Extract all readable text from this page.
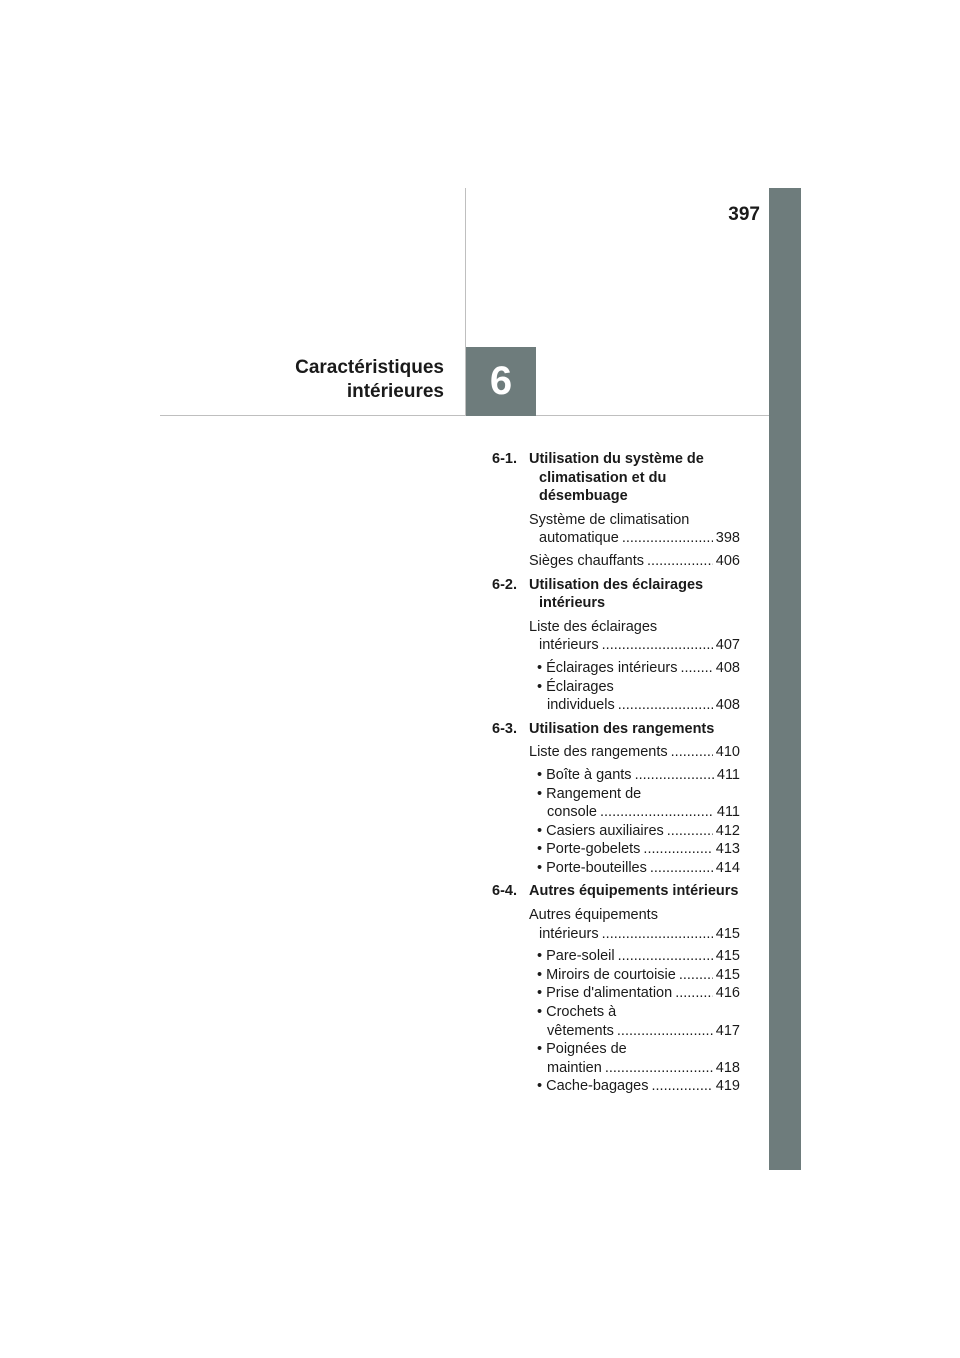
397
Caractéristiques
intérieures 6
6-1. Utilisation du système de climatisation et du désembuage
Système de climatisation
automatique .....	398
Sièges chauffants .....	406
6-2. Utilisation des éclairages intérieurs
Liste des éclairages
intérieurs .....	407
• Éclairages intérieurs .....	408
• Éclairages
individuels .....	408
6-3. Utilisation des rangements
Liste des rangements .....	410
• Boîte à gants .....	411
• Rangement de
console .....	411
• Casiers auxiliaires .....	412
• Porte-gobelets .....	413
• Porte-bouteilles .....	414
6-4. Autres équipements intérieurs
Autres équipements
intérieurs .....	415
• Pare-soleil .....	415
• Miroirs de courtoisie .....	415
• Prise d'alimentation .....	416
• Crochets à
vêtements .....	417
• Poignées de
maintien .....	418
• Cache-bagages .....	419
